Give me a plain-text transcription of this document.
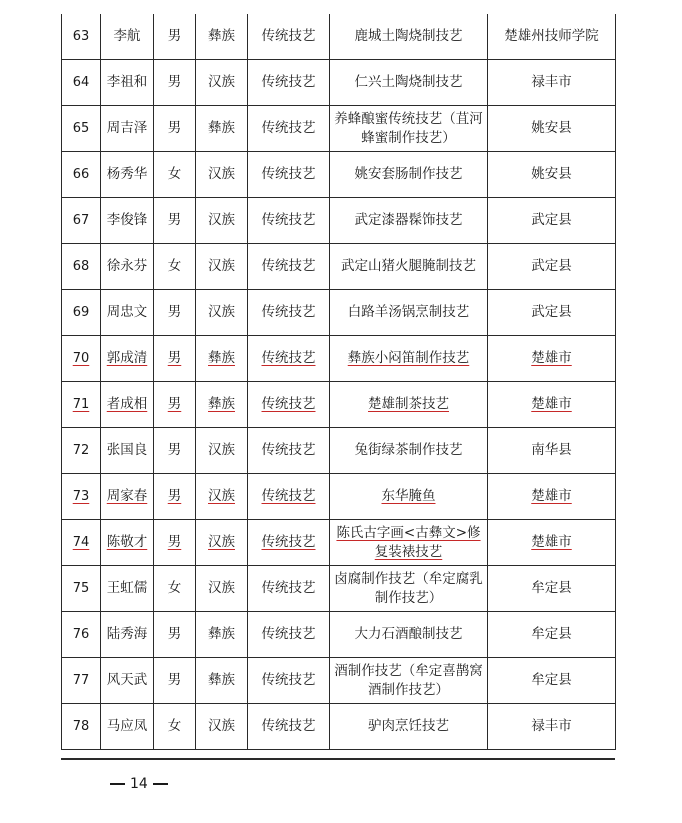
63	李航	男	彝族	传统技艺	鹿城土陶烧制技艺	楚雄州技师学院
64	李祖和	男	汉族	传统技艺	仁兴土陶烧制技艺	禄丰市
65	周吉泽	男	彝族	传统技艺	养蜂酿蜜传统技艺（苴河蜂蜜制作技艺）	姚安县
66	杨秀华	女	汉族	传统技艺	姚安套肠制作技艺	姚安县
67	李俊锋	男	汉族	传统技艺	武定漆器髹饰技艺	武定县
68	徐永芬	女	汉族	传统技艺	武定山猪火腿腌制技艺	武定县
69	周忠文	男	汉族	传统技艺	白路羊汤锅烹制技艺	武定县
70	郭成清	男	彝族	传统技艺	彝族小闷笛制作技艺	楚雄市
71	者成相	男	彝族	传统技艺	楚雄制茶技艺	楚雄市
72	张国良	男	汉族	传统技艺	兔街绿茶制作技艺	南华县
73	周家春	男	汉族	传统技艺	东华腌鱼	楚雄市
74	陈敬才	男	汉族	传统技艺	陈氏古字画<古彝文>修复装裱技艺	楚雄市
75	王虹儒	女	汉族	传统技艺	卤腐制作技艺（牟定腐乳制作技艺）	牟定县
76	陆秀海	男	彝族	传统技艺	大力石酒酿制技艺	牟定县
77	风天武	男	彝族	传统技艺	酒制作技艺（牟定喜鹊窝酒制作技艺）	牟定县
78	马应凤	女	汉族	传统技艺	驴肉烹饪技艺	禄丰市
14
